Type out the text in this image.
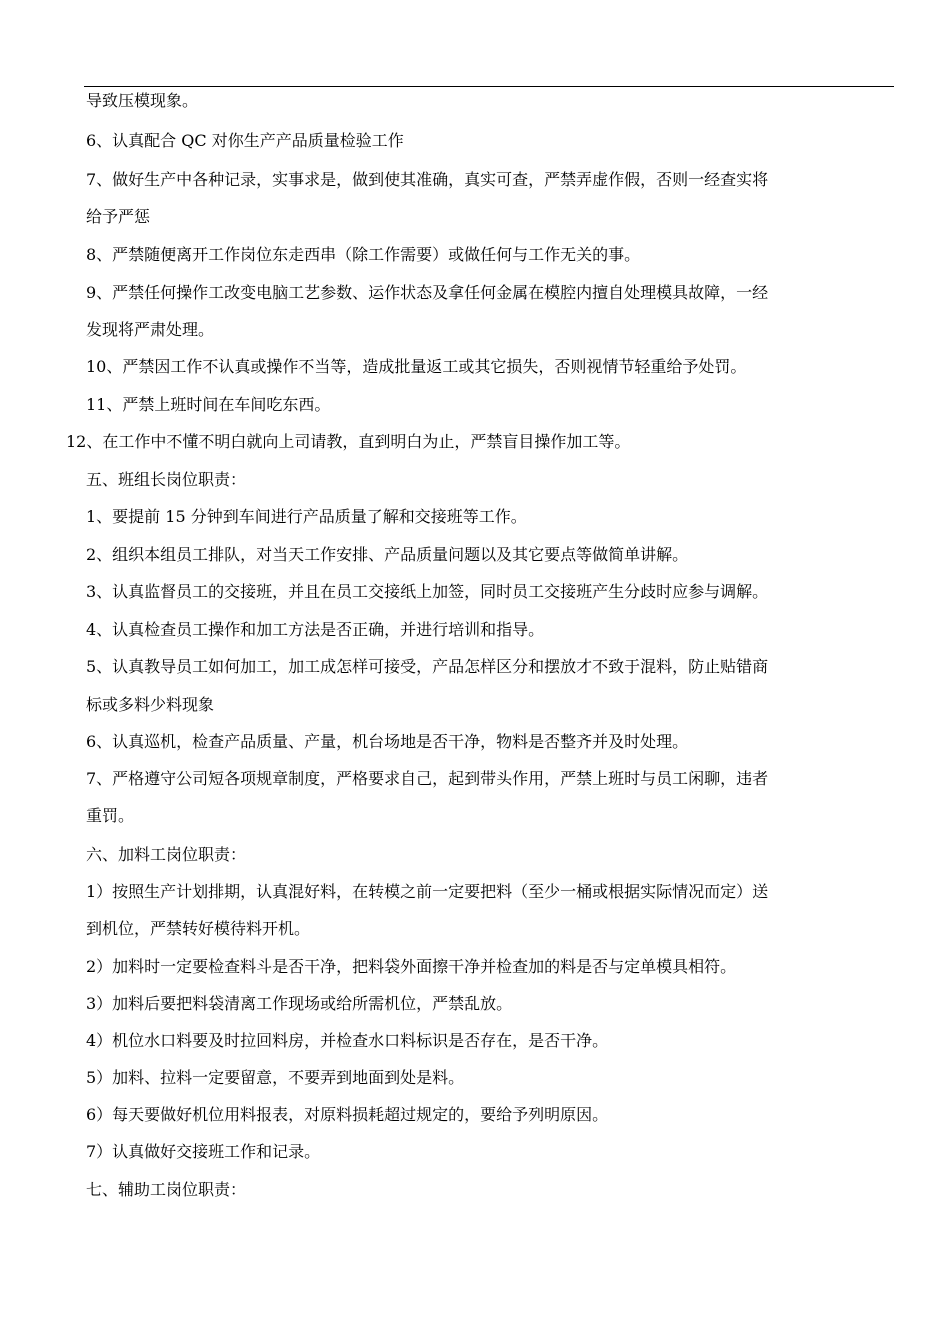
导致压模现象。
6、认真配合 QC 对你生产产品质量检验工作
7、做好生产中各种记录，实事求是，做到使其准确，真实可查，严禁弄虚作假，否则一经查实将
给予严惩
8、严禁随便离开工作岗位东走西串（除工作需要）或做任何与工作无关的事。
9、严禁任何操作工改变电脑工艺参数、运作状态及拿任何金属在模腔内擅自处理模具故障，一经
发现将严肃处理。
10、严禁因工作不认真或操作不当等，造成批量返工或其它损失，否则视情节轻重给予处罚。
11、严禁上班时间在车间吃东西。
12、在工作中不懂不明白就向上司请教，直到明白为止，严禁盲目操作加工等。
五、班组长岗位职责：
1、要提前 15 分钟到车间进行产品质量了解和交接班等工作。
2、组织本组员工排队，对当天工作安排、产品质量问题以及其它要点等做简单讲解。
3、认真监督员工的交接班，并且在员工交接纸上加签，同时员工交接班产生分歧时应参与调解。
4、认真检查员工操作和加工方法是否正确，并进行培训和指导。
5、认真教导员工如何加工，加工成怎样可接受，产品怎样区分和摆放才不致于混料，防止贴错商
标或多料少料现象
6、认真巡机，检查产品质量、产量，机台场地是否干净，物料是否整齐并及时处理。
7、严格遵守公司短各项规章制度，严格要求自己，起到带头作用，严禁上班时与员工闲聊，违者
重罚。
六、加料工岗位职责：
1）按照生产计划排期，认真混好料，在转模之前一定要把料（至少一桶或根据实际情况而定）送
到机位，严禁转好模待料开机。
2）加料时一定要检查料斗是否干净，把料袋外面擦干净并检查加的料是否与定单模具相符。
3）加料后要把料袋清离工作现场或给所需机位，严禁乱放。
4）机位水口料要及时拉回料房，并检查水口料标识是否存在，是否干净。
5）加料、拉料一定要留意，不要弄到地面到处是料。
6）每天要做好机位用料报表，对原料损耗超过规定的，要给予列明原因。
7）认真做好交接班工作和记录。
七、辅助工岗位职责：
